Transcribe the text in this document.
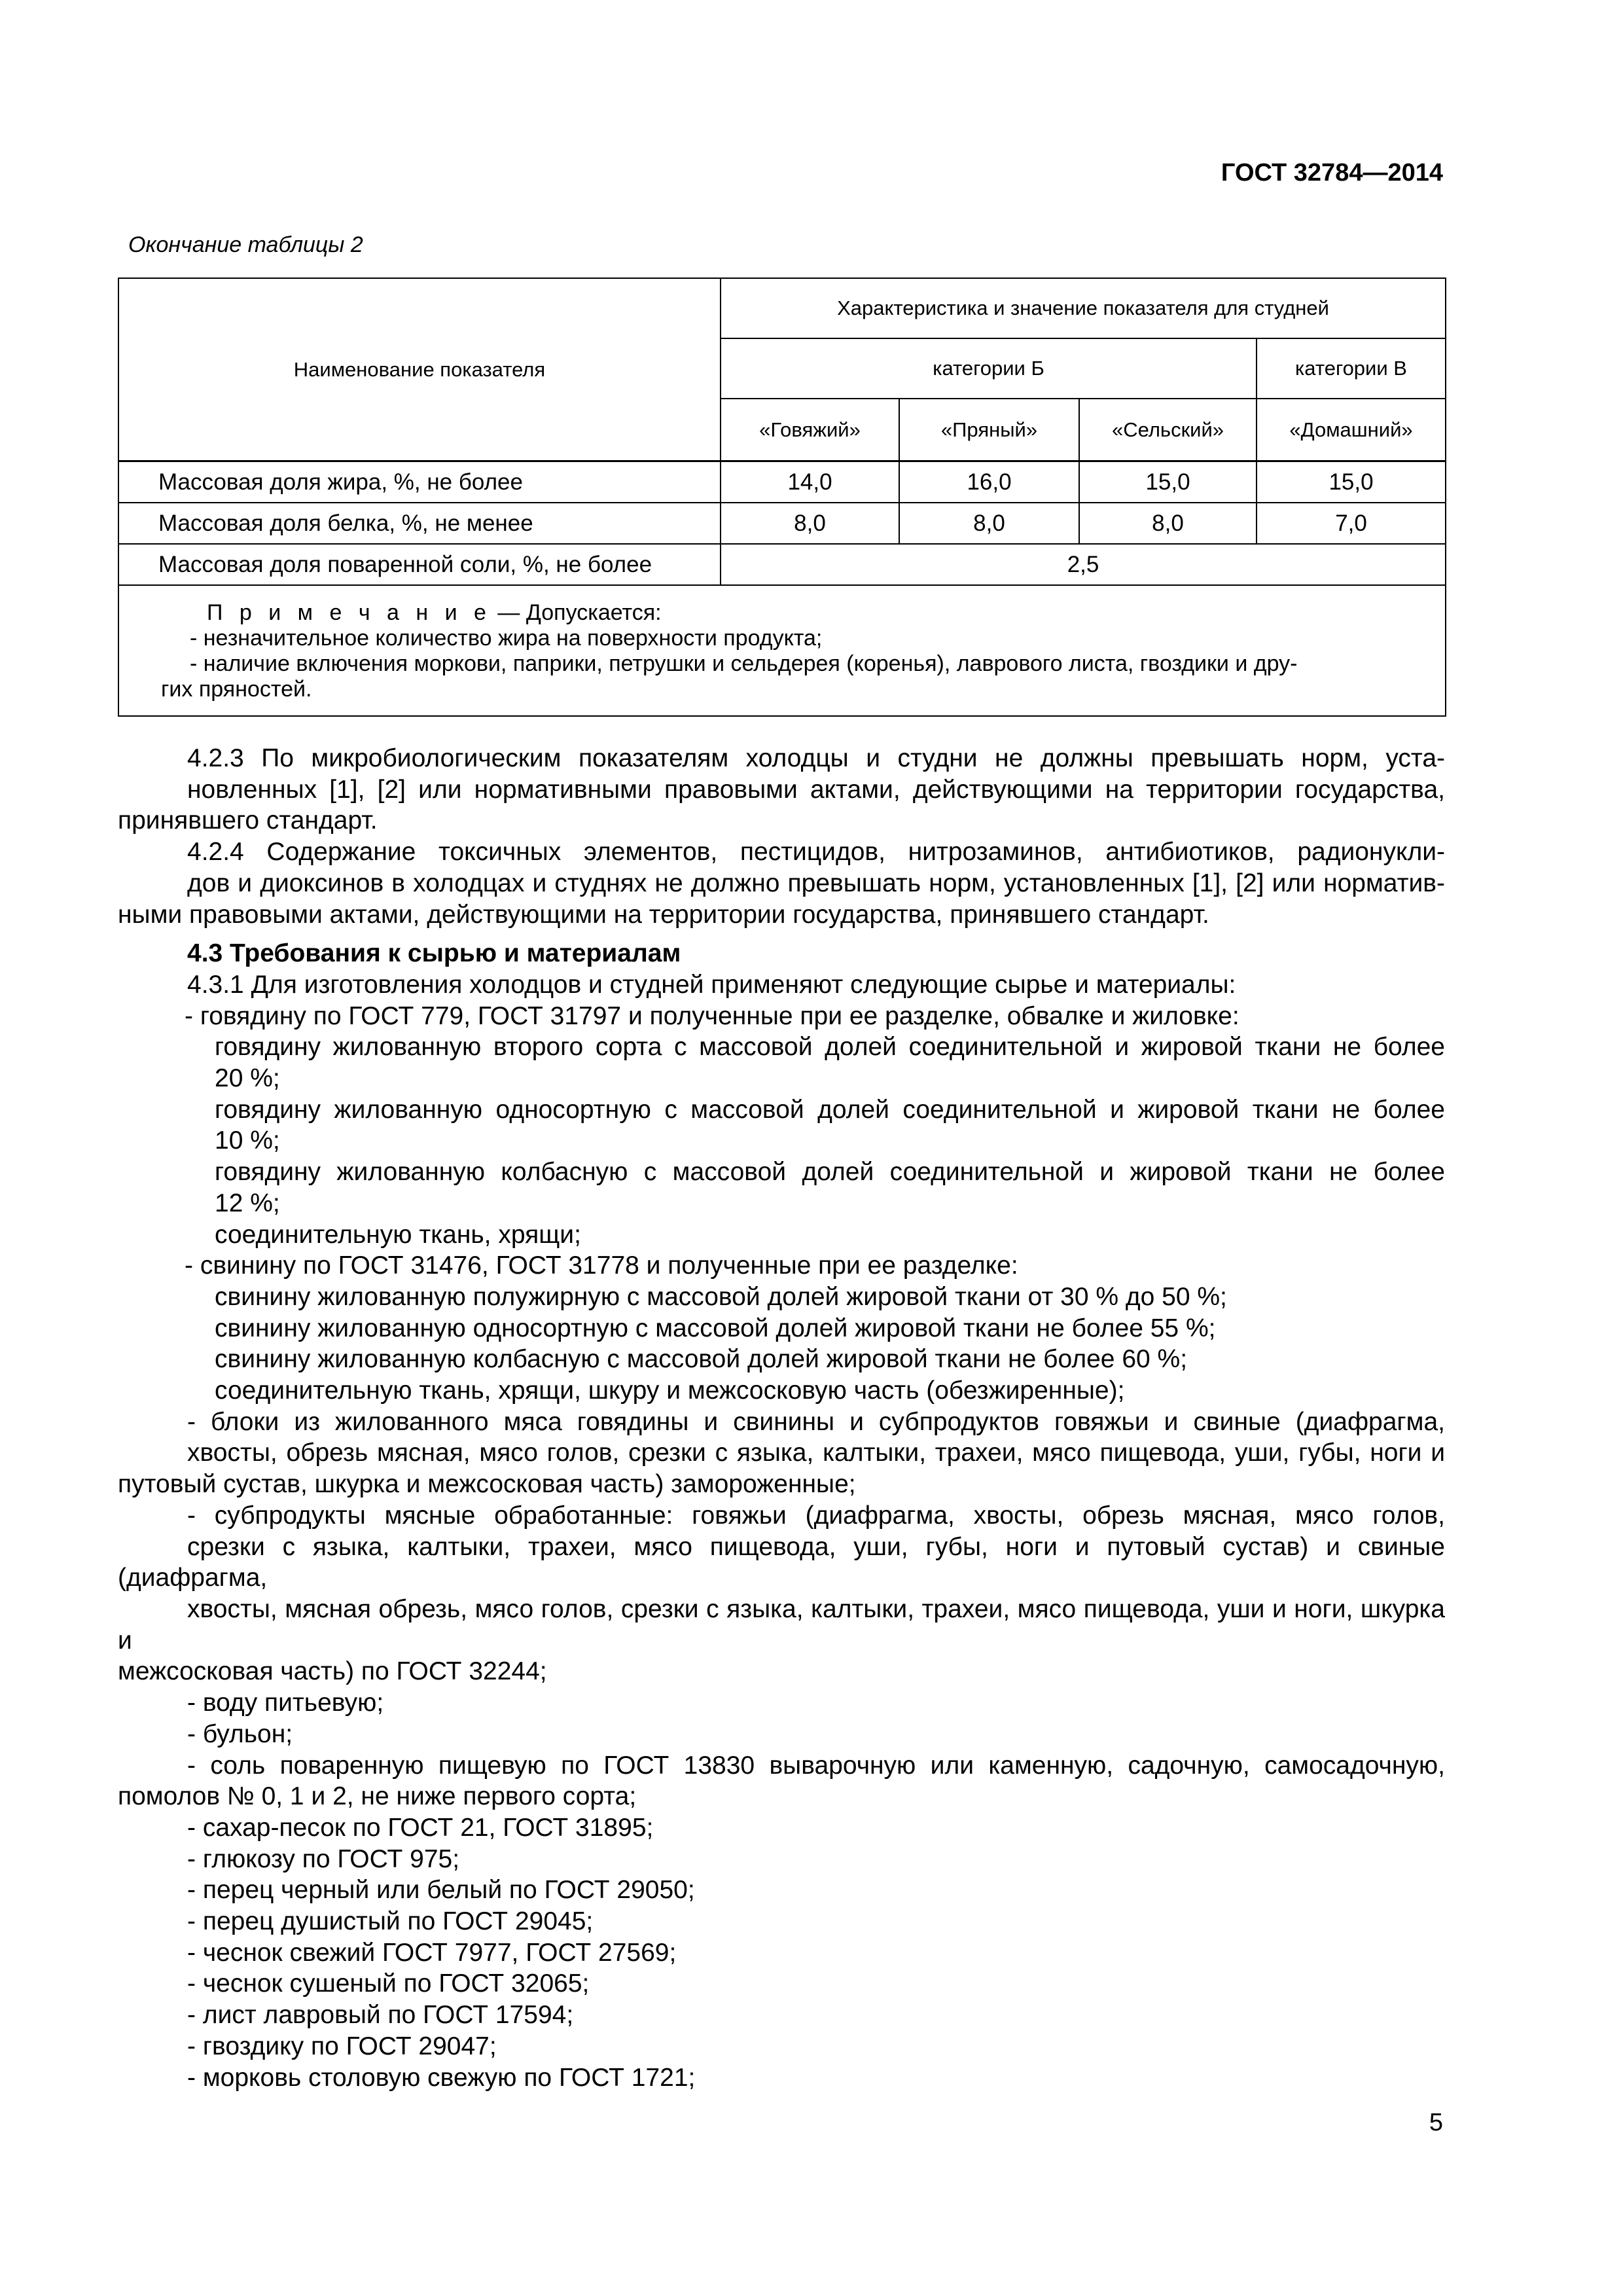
ГОСТ 32784—2014
Окончание таблицы 2
Наименование показателя	Характеристика и значение показателя для студней			
	категории Б			категории В
	«Говяжий»	«Пряный»	«Сельский»	«Домашний»
Массовая доля жира, %, не более	14,0	16,0	15,0	15,0
Массовая доля белка, %, не менее	8,0	8,0	8,0	7,0
Массовая доля поваренной соли, %, не более	2,5			

П р и м е ч а н и е — Допускается:
- незначительное количество жира на поверхности продукта;
- наличие включения моркови, паприки, петрушки и сельдерея (коренья), лаврового листа, гвоздики и дру-
гих пряностей.				

4.2.3 По микробиологическим показателям холодцы и студни не должны превышать норм, уста-
новленных [1], [2] или нормативными правовыми актами, действующими на территории государства,
принявшего стандарт.

4.2.4 Содержание токсичных элементов, пестицидов, нитрозаминов, антибиотиков, радионукли-
дов и диоксинов в холодцах и студнях не должно превышать норм, установленных [1], [2] или норматив-
ными правовыми актами, действующими на территории государства, принявшего стандарт.

4.3 Требования к сырью и материалам

4.3.1 Для изготовления холодцов и студней применяют следующие сырье и материалы:

- говядину по ГОСТ 779, ГОСТ 31797 и полученные при ее разделке, обвалке и жиловке:

говядину жилованную второго сорта с массовой долей соединительной и жировой ткани не более
20 %;

говядину жилованную односортную с массовой долей соединительной и жировой ткани не более
10 %;

говядину жилованную колбасную с массовой долей соединительной и жировой ткани не более
12 %;

соединительную ткань, хрящи;

- свинину по ГОСТ 31476, ГОСТ 31778 и полученные при ее разделке:

свинину жилованную полужирную с массовой долей жировой ткани от 30 % до 50 %;

свинину жилованную односортную с массовой долей жировой ткани не более 55 %;

свинину жилованную колбасную с массовой долей жировой ткани не более 60 %;

соединительную ткань, хрящи, шкуру и межсосковую часть (обезжиренные);

- блоки из жилованного мяса говядины и свинины и субпродуктов говяжьи и свиные (диафрагма,
хвосты, обрезь мясная, мясо голов, срезки с языка, калтыки, трахеи, мясо пищевода, уши, губы, ноги и
путовый сустав, шкурка и межсосковая часть) замороженные;

- субпродукты мясные обработанные: говяжьи (диафрагма, хвосты, обрезь мясная, мясо голов,
срезки с языка, калтыки, трахеи, мясо пищевода, уши, губы, ноги и путовый сустав) и свиные (диафрагма,
хвосты, мясная обрезь, мясо голов, срезки с языка, калтыки, трахеи, мясо пищевода, уши и ноги, шкурка и
межсосковая часть) по ГОСТ 32244;

- воду питьевую;

- бульон;

- соль поваренную пищевую по ГОСТ 13830 выварочную или каменную, садочную, самосадочную,
помолов № 0, 1 и 2, не ниже первого сорта;

- сахар-песок по ГОСТ 21, ГОСТ 31895;

- глюкозу по ГОСТ 975;

- перец черный или белый по ГОСТ 29050;

- перец душистый по ГОСТ 29045;

- чеснок свежий ГОСТ 7977, ГОСТ 27569;

- чеснок сушеный по ГОСТ 32065;

- лист лавровый по ГОСТ 17594;

- гвоздику по ГОСТ 29047;

- морковь столовую свежую по ГОСТ 1721;

5
